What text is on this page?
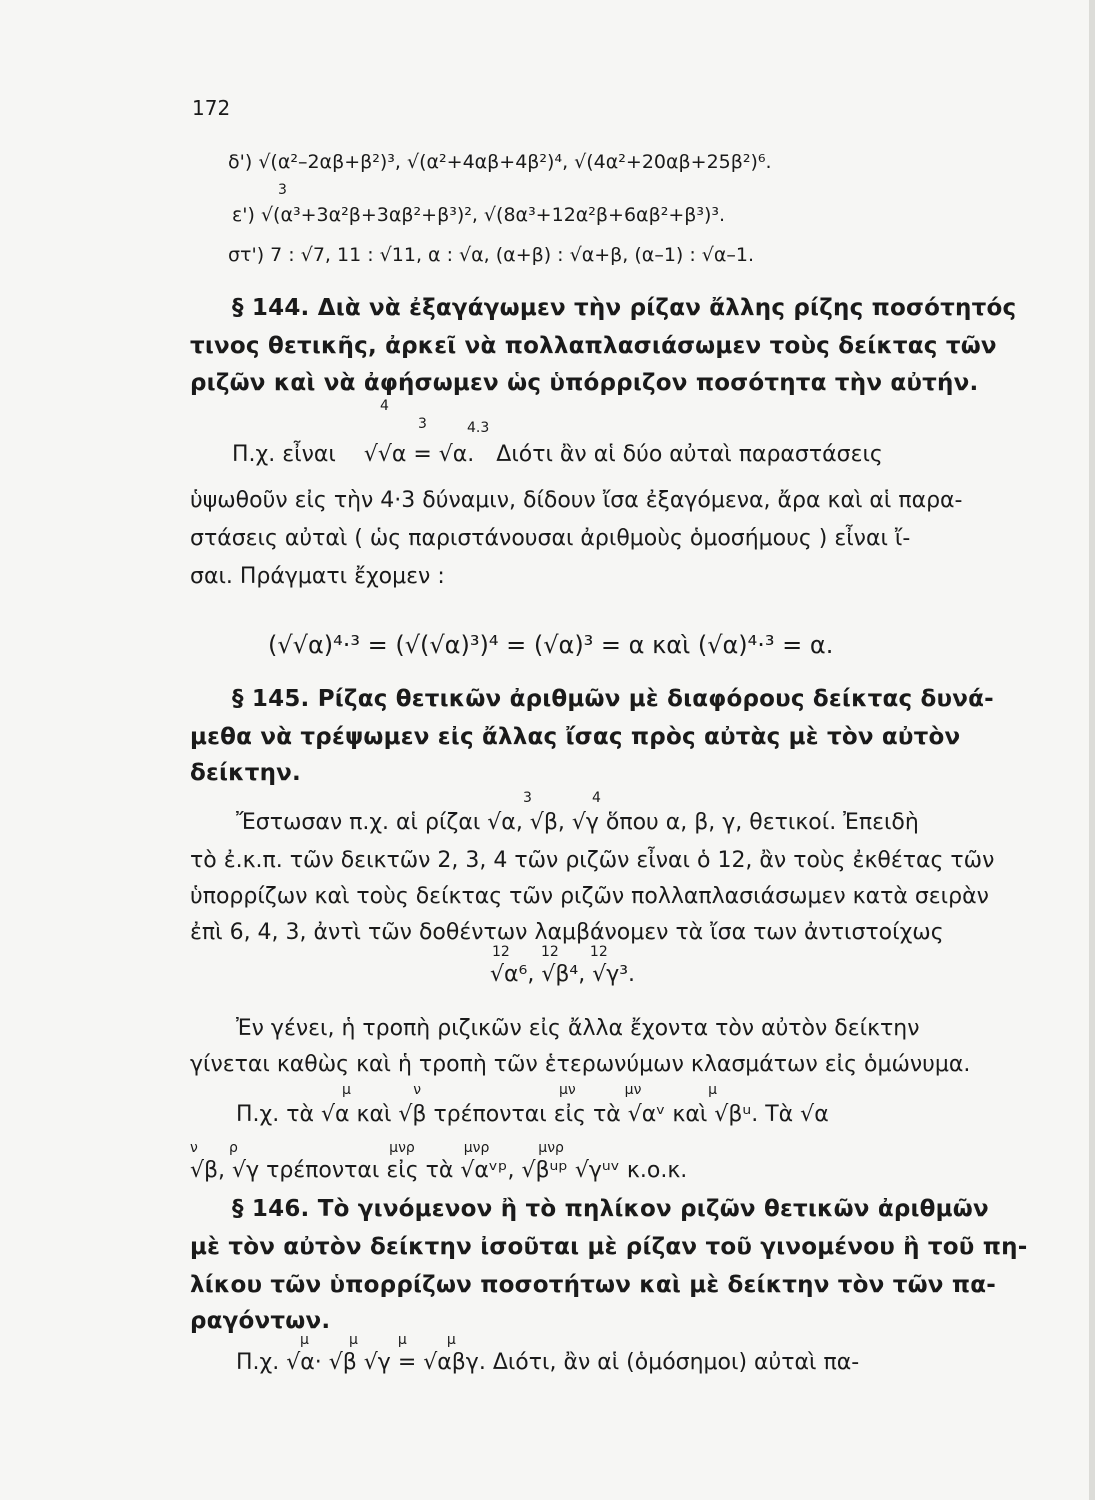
172
δ') √(α²–2αβ+β²)³, √(α²+4αβ+4β²)⁴, √(4α²+20αβ+25β²)⁶.
3
ε') √(α³+3α²β+3αβ²+β³)², √(8α³+12α²β+6αβ²+β³)³.
στ') 7 : √7, 11 : √11, α : √α, (α+β) : √α+β, (α–1) : √α–1.
§ 144. Διὰ νὰ ἐξαγάγωμεν τὴν ρίζαν ἄλλης ρίζης ποσότητός
τινος θετικῆς, ἀρκεῖ νὰ πολλαπλασιάσωμεν τοὺς δείκτας τῶν
ριζῶν καὶ νὰ ἀφήσωμεν ὡς ὑπόρριζον ποσότητα τὴν αὐτήν.
4
3	4.3
Π.χ. εἶναι √√α = √α. Διότι ἂν αἱ δύο αὐταὶ παραστάσεις
ὑψωθοῦν εἰς τὴν 4·3 δύναμιν, δίδουν ἴσα ἐξαγόμενα, ἄρα καὶ αἱ παρα-
στάσεις αὐταὶ ( ὡς παριστάνουσαι ἀριθμοὺς ὁμοσήμους ) εἶναι ἴ-
σαι. Πράγματι ἔχομεν :
(√√α)⁴·³ = (√(√α)³)⁴ = (√α)³ = α καὶ (√α)⁴·³ = α.
§ 145. Ρίζας θετικῶν ἀριθμῶν μὲ διαφόρους δείκτας δυνά-
μεθα νὰ τρέψωμεν εἰς ἄλλας ἴσας πρὸς αὐτὰς μὲ τὸν αὐτὸν
δείκτην.
3	4
Ἔστωσαν π.χ. αἱ ρίζαι √α, √β, √γ ὅπου α, β, γ, θετικοί. Ἐπειδὴ
τὸ ἐ.κ.π. τῶν δεικτῶν 2, 3, 4 τῶν ριζῶν εἶναι ὁ 12, ἂν τοὺς ἐκθέτας τῶν
ὑπορρίζων καὶ τοὺς δείκτας τῶν ριζῶν πολλαπλασιάσωμεν κατὰ σειρὰν
ἐπὶ 6, 4, 3, ἀντὶ τῶν δοθέντων λαμβάνομεν τὰ ἴσα των ἀντιστοίχως
12       12       12
√α⁶, √β⁴, √γ³.
Ἐν γένει, ἡ τροπὴ ριζικῶν εἰς ἄλλα ἔχοντα τὸν αὐτὸν δείκτην
γίνεται καθὼς καὶ ἡ τροπὴ τῶν ἑτερωνύμων κλασμάτων εἰς ὁμώνυμα.
μ              ν                               μν           μν               μ
Π.χ. τὰ √α καὶ √β τρέπονται εἰς τὰ √αᵛ καὶ √βᵘ. Τὰ √α
ν       ρ                                  μνρ           μνρ           μνρ
√β, √γ τρέπονται εἰς τὰ √αᵛᵖ, √βᵘᵖ √γᵘᵛ κ.ο.κ.
§ 146. Τὸ γινόμενον ἢ τὸ πηλίκον ριζῶν θετικῶν ἀριθμῶν
μὲ τὸν αὐτὸν δείκτην ἰσοῦται μὲ ρίζαν τοῦ γινομένου ἢ τοῦ πη-
λίκου τῶν ὑπορρίζων ποσοτήτων καὶ μὲ δείκτην τὸν τῶν πα-
ραγόντων.
μ         μ         μ         μ
Π.χ. √α· √β √γ = √αβγ. Διότι, ἂν αἱ (ὁμόσημοι) αὐταὶ πα-
